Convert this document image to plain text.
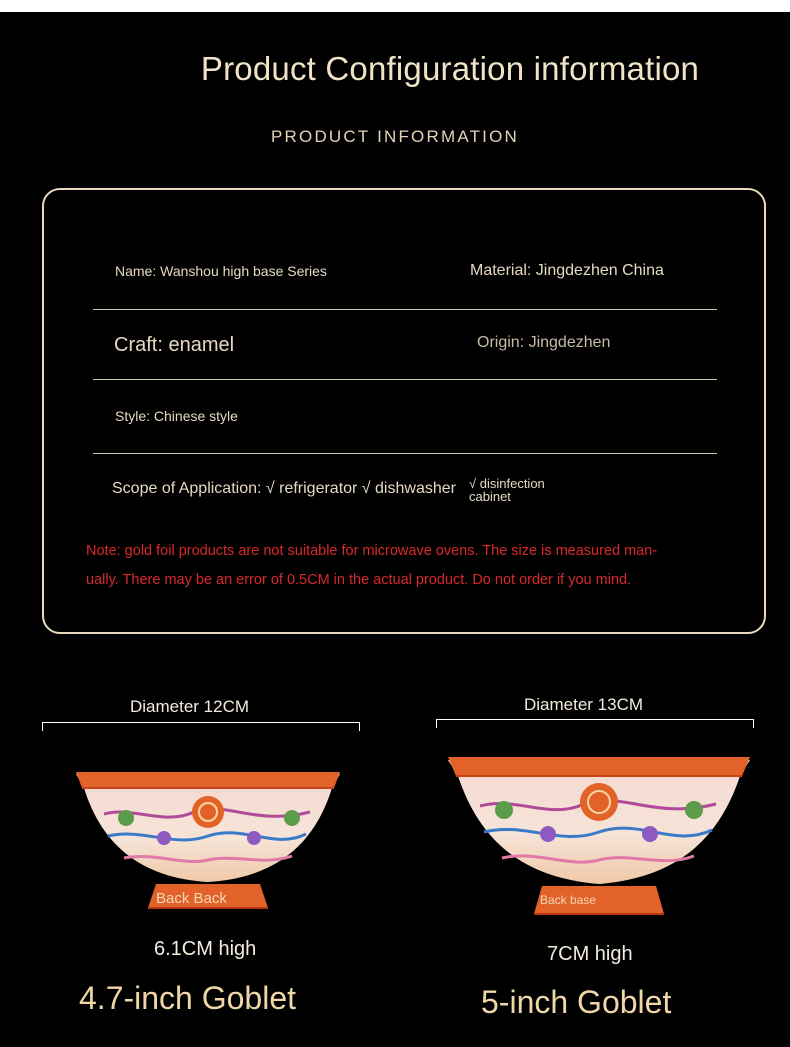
Product Configuration information
PRODUCT INFORMATION
Name: Wanshou high base Series	Material: Jingdezhen China
Craft: enamel	Origin: Jingdezhen
Style: Chinese style
Scope of Application: √ refrigerator √ dishwasher √ disinfection
cabinet
Note: gold foil products are not suitable for microwave ovens. The size is measured man-
ually. There may be an error of 0.5CM in the actual product. Do not order if you mind.
Diameter 12CM
Back Back
6.1CM high
4.7-inch Goblet
Diameter 13CM
Back base
7CM high
5-inch Goblet
